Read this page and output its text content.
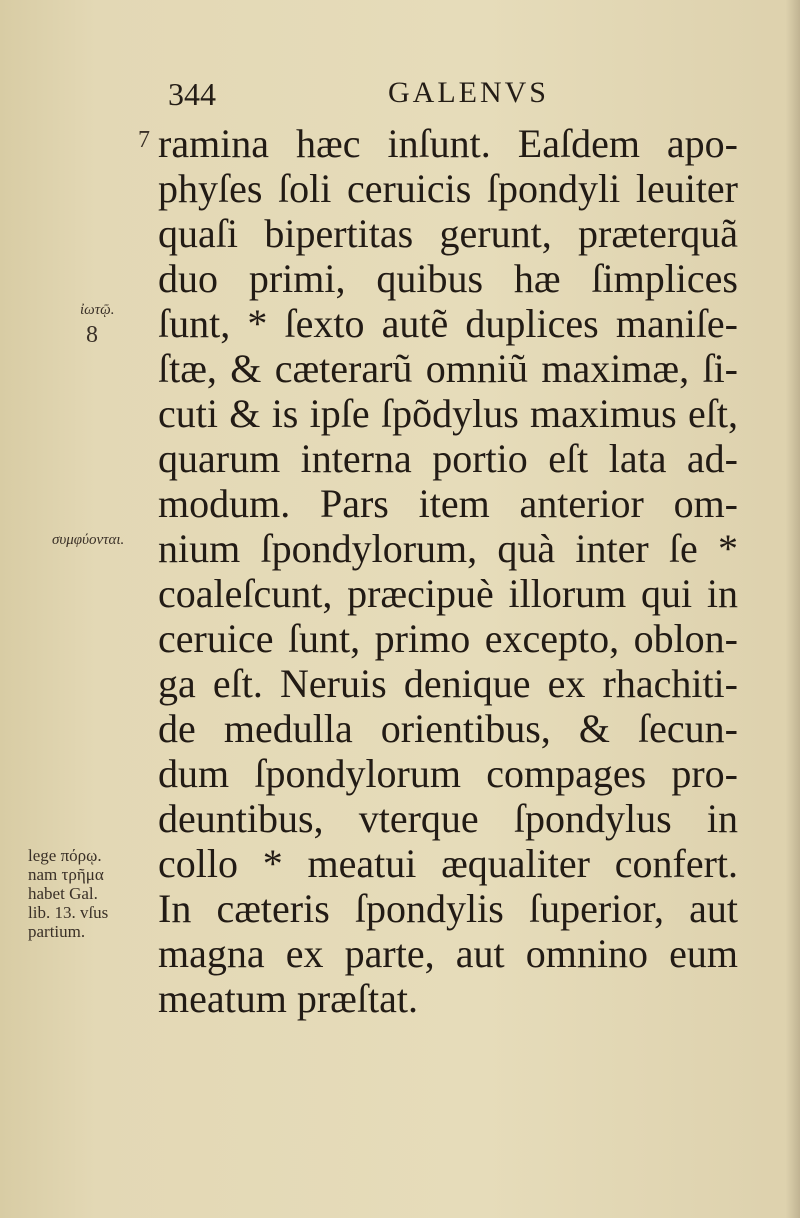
344	GALENVS
ramina hæc inſunt. Eaſdem apo-
phyſes ſoli ceruicis ſpondyli leuiter
quaſi bipertitas gerunt, præterquã
duo primi, quibus hæ ſimplices
ſunt, * ſexto autẽ duplices maniſe-
ſtæ, & cæterarũ omniũ maximæ, ſi-
cuti & is ipſe ſpõdylus maximus eſt,
quarum interna portio eſt lata ad-
modum. Pars item anterior om-
nium ſpondylorum, quà inter ſe *
coaleſcunt, præcipuè illorum qui in
ceruice ſunt, primo excepto, oblon-
ga eſt. Neruis denique ex rhachiti-
de medulla orientibus, & ſecun-
dum ſpondylorum compages pro-
deuntibus, vterque ſpondylus in
collo * meatui æqualiter confert.
In cæteris ſpondylis ſuperior, aut
magna ex parte, aut omnino eum
meatum præſtat.
7
ἰωτῷ.
8
συμφύονται.
lege πόρῳ.
nam τρῆμα
habet Gal.
lib. 13. vſus
partium.
